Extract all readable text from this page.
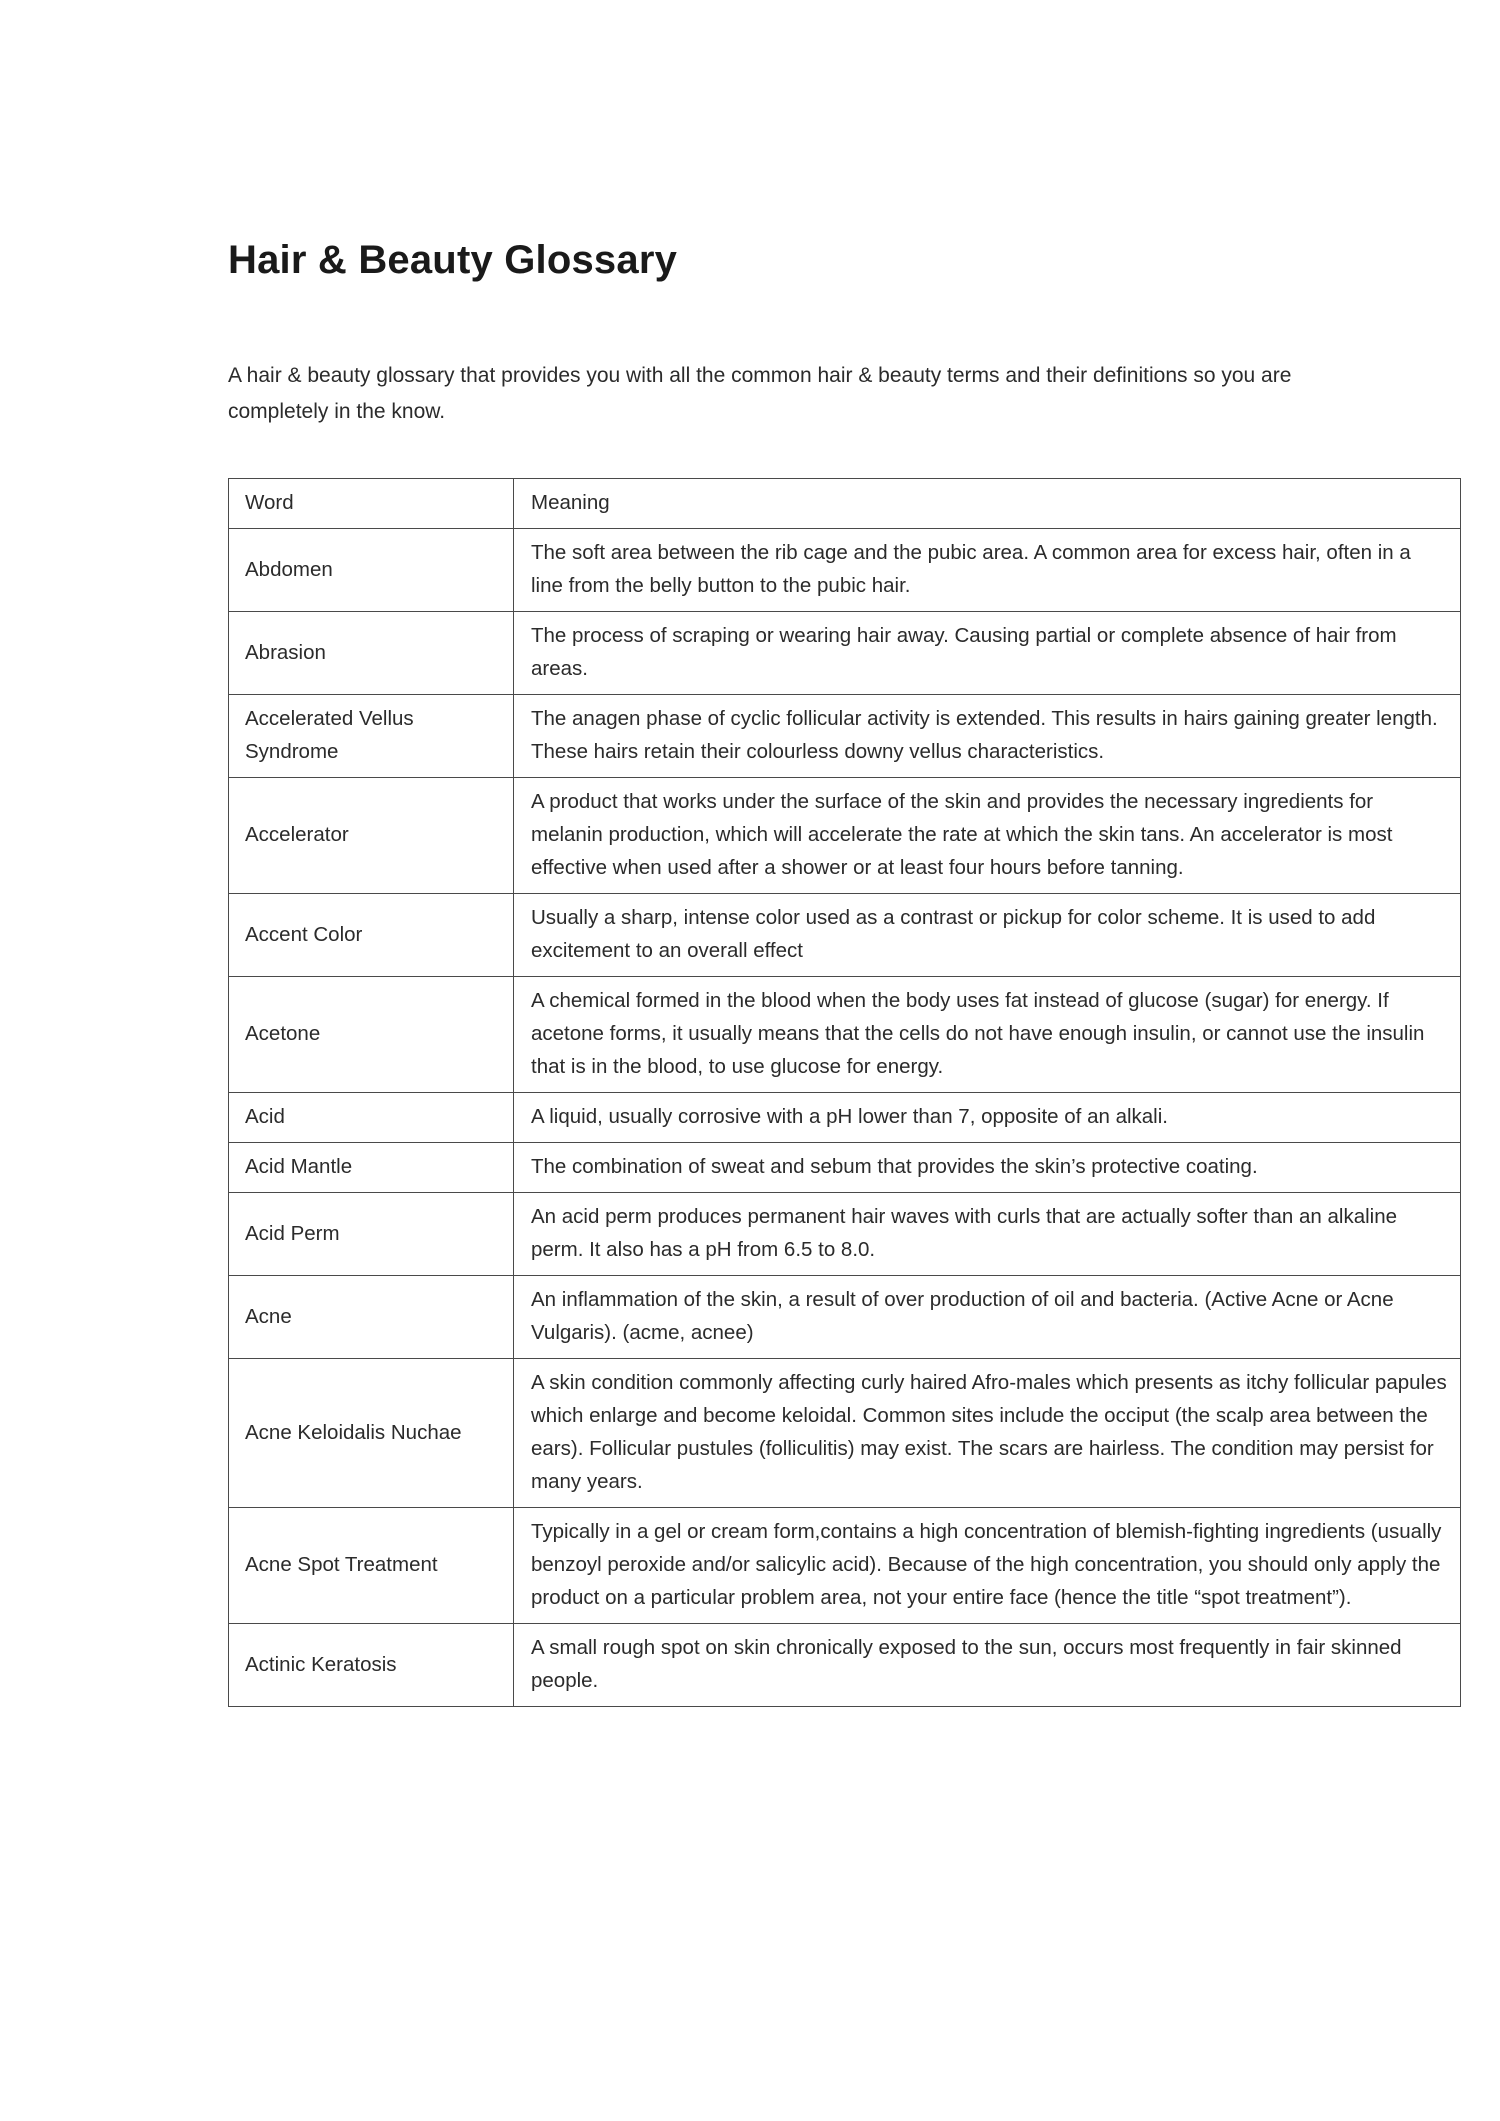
Hair & Beauty Glossary

A hair & beauty glossary that provides you with all the common hair & beauty terms and their definitions so you are completely in the know.

Word	Meaning
Abdomen	The soft area between the rib cage and the pubic area. A common area for excess hair, often in a line from the belly button to the pubic hair.
Abrasion	The process of scraping or wearing hair away. Causing partial or complete absence of hair from areas.
Accelerated Vellus Syndrome	The anagen phase of cyclic follicular activity is extended. This results in hairs gaining greater length. These hairs retain their colourless downy vellus characteristics.
Accelerator	A product that works under the surface of the skin and provides the necessary ingredients for melanin production, which will accelerate the rate at which the skin tans. An accelerator is most effective when used after a shower or at least four hours before tanning.
Accent Color	Usually a sharp, intense color used as a contrast or pickup for color scheme. It is used to add excitement to an overall effect
Acetone	A chemical formed in the blood when the body uses fat instead of glucose (sugar) for energy. If acetone forms, it usually means that the cells do not have enough insulin, or cannot use the insulin that is in the blood, to use glucose for energy.
Acid	A liquid, usually corrosive with a pH lower than 7, opposite of an alkali.
Acid Mantle	The combination of sweat and sebum that provides the skin’s protective coating.
Acid Perm	An acid perm produces permanent hair waves with curls that are actually softer than an alkaline perm. It also has a pH from 6.5 to 8.0.
Acne	An inflammation of the skin, a result of over production of oil and bacteria. (Active Acne or Acne Vulgaris). (acme, acnee)
Acne Keloidalis Nuchae	A skin condition commonly affecting curly haired Afro-males which presents as itchy follicular papules which enlarge and become keloidal. Common sites include the occiput (the scalp area between the ears). Follicular pustules (folliculitis) may exist. The scars are hairless. The condition may persist for many years.
Acne Spot Treatment	Typically in a gel or cream form,contains a high concentration of blemish-fighting ingredients (usually benzoyl peroxide and/or salicylic acid). Because of the high concentration, you should only apply the product on a particular problem area, not your entire face (hence the title “spot treatment”).
Actinic Keratosis	A small rough spot on skin chronically exposed to the sun, occurs most frequently in fair skinned people.
